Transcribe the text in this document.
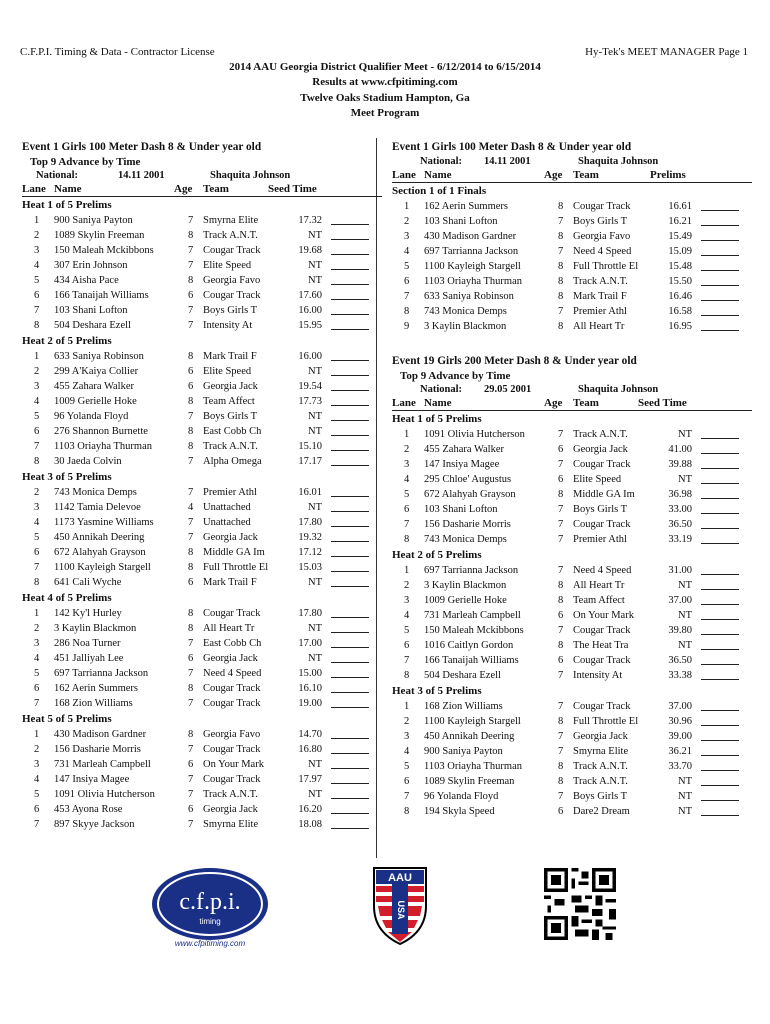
C.F.P.I. Timing & Data - Contractor License	Hy-Tek's MEET MANAGER Page 1
2014 AAU Georgia District Qualifier Meet - 6/12/2014 to 6/15/2014
Results at www.cfpitiming.com
Twelve Oaks Stadium Hampton, Ga
Meet Program
Event 1 Girls 100 Meter Dash 8 & Under year old
Top 9 Advance by Time
National:	14.11 2001	Shaquita Johnson
Lane Name	Age Team	Seed Time
Heat 1 of 5 Prelims
1 900 Saniya Payton	7 Smyrna Elite	17.32
2 1089 Skylin Freeman	8 Track A.N.T.	NT
3 150 Maleah Mckibbons	7 Cougar Track	19.68
4 307 Erin Johnson	7 Elite Speed	NT
5 434 Aisha Pace	8 Georgia Favo	NT
6 166 Tanaijah Williams	6 Cougar Track	17.60
7 103 Shani Lofton	7 Boys Girls T	16.00
8 504 Deshara Ezell	7 Intensity At	15.95
Heat 2 of 5 Prelims
1 633 Saniya Robinson	8 Mark Trail F	16.00
2 299 A'Kaiya Collier	6 Elite Speed	NT
3 455 Zahara Walker	6 Georgia Jack	19.54
4 1009 Gerielle Hoke	8 Team Affect	17.73
5 96 Yolanda Floyd	7 Boys Girls T	NT
6 276 Shannon Burnette	8 East Cobb Ch	NT
7 1103 Oriayha Thurman	8 Track A.N.T.	15.10
8 30 Jaeda Colvin	7 Alpha Omega	17.17
Heat 3 of 5 Prelims
2 743 Monica Demps	7 Premier Athl	16.01
3 1142 Tamia Delevoe	4 Unattached	NT
4 1173 Yasmine Williams	7 Unattached	17.80
5 450 Annikah Deering	7 Georgia Jack	19.32
6 672 Alahyah Grayson	8 Middle GA Im	17.12
7 1100 Kayleigh Stargell	8 Full Throttle El	15.03
8 641 Cali Wyche	6 Mark Trail F	NT
Heat 4 of 5 Prelims
1 142 Ky'l Hurley	8 Cougar Track	17.80
2 3 Kaylin Blackmon	8 All Heart Tr	NT
3 286 Noa Turner	7 East Cobb Ch	17.00
4 451 Jalliyah Lee	6 Georgia Jack	NT
5 697 Tarrianna Jackson	7 Need 4 Speed	15.00
6 162 Aerin Summers	8 Cougar Track	16.10
7 168 Zion Williams	7 Cougar Track	19.00
Heat 5 of 5 Prelims
1 430 Madison Gardner	8 Georgia Favo	14.70
2 156 Dasharie Morris	7 Cougar Track	16.80
3 731 Marleah Campbell	6 On Your Mark	NT
4 147 Insiya Magee	7 Cougar Track	17.97
5 1091 Olivia Hutcherson	7 Track A.N.T.	NT
6 453 Ayona Rose	6 Georgia Jack	16.20
7 897 Skyye Jackson	7 Smyrna Elite	18.08
Event 1 Girls 100 Meter Dash 8 & Under year old
National: 14.11 2001	Shaquita Johnson
Lane Name	Age Team	Prelims
Section 1 of 1 Finals
1 162 Aerin Summers	8 Cougar Track	16.61
2 103 Shani Lofton	7 Boys Girls T	16.21
3 430 Madison Gardner	8 Georgia Favo	15.49
4 697 Tarrianna Jackson	7 Need 4 Speed	15.09
5 1100 Kayleigh Stargell	8 Full Throttle El	15.48
6 1103 Oriayha Thurman	8 Track A.N.T.	15.50
7 633 Saniya Robinson	8 Mark Trail F	16.46
8 743 Monica Demps	7 Premier Athl	16.58
9 3 Kaylin Blackmon	8 All Heart Tr	16.95
Event 19 Girls 200 Meter Dash 8 & Under year old
Top 9 Advance by Time
National: 29.05 2001	Shaquita Johnson
Lane Name	Age Team	Seed Time
Heat 1 of 5 Prelims
1 1091 Olivia Hutcherson	7 Track A.N.T.	NT
2 455 Zahara Walker	6 Georgia Jack	41.00
3 147 Insiya Magee	7 Cougar Track	39.88
4 295 Chloe' Augustus	6 Elite Speed	NT
5 672 Alahyah Grayson	8 Middle GA Im	36.98
6 103 Shani Lofton	7 Boys Girls T	33.00
7 156 Dasharie Morris	7 Cougar Track	36.50
8 743 Monica Demps	7 Premier Athl	33.19
Heat 2 of 5 Prelims
1 697 Tarrianna Jackson	7 Need 4 Speed	31.00
2 3 Kaylin Blackmon	8 All Heart Tr	NT
3 1009 Gerielle Hoke	8 Team Affect	37.00
4 731 Marleah Campbell	6 On Your Mark	NT
5 150 Maleah Mckibbons	7 Cougar Track	39.80
6 1016 Caitlyn Gordon	8 The Heat Tra	NT
7 166 Tanaijah Williams	6 Cougar Track	36.50
8 504 Deshara Ezell	7 Intensity At	33.38
Heat 3 of 5 Prelims
1 168 Zion Williams	7 Cougar Track	37.00
2 1100 Kayleigh Stargell	8 Full Throttle El	30.96
3 450 Annikah Deering	7 Georgia Jack	39.00
4 900 Saniya Payton	7 Smyrna Elite	36.21
5 1103 Oriayha Thurman	8 Track A.N.T.	33.70
6 1089 Skylin Freeman	8 Track A.N.T.	NT
7 96 Yolanda Floyd	7 Boys Girls T	NT
8 194 Skyla Speed	6 Dare2 Dream	NT
c.f.p.i.
timing
www.cfpitiming.com
AAU
USA
